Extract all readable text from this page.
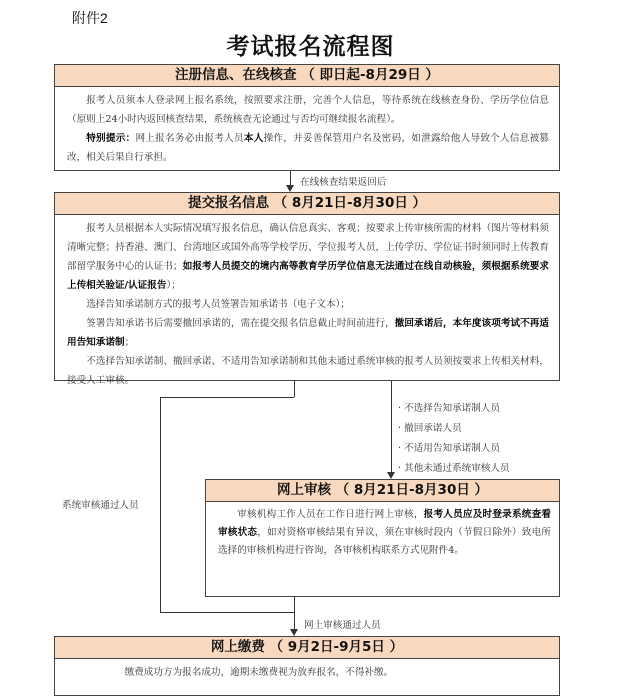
附件2
考试报名流程图
注册信息、在线核查 （ 即日起-8月29日 ）

报考人员须本人登录网上报名系统，按照要求注册，完善个人信息，等待系统在线核查身份、学历学位信息（原则上24小时内返回核查结果，系统核查无论通过与否均可继续报名流程）。

特别提示：网上报名务必由报考人员本人操作，并妥善保管用户名及密码，如泄露给他人导致个人信息被篡改，相关后果自行承担。

在线核查结果返回后
提交报名信息 （ 8月21日-8月30日 ）

报考人员根据本人实际情况填写报名信息，确认信息真实、客观；按要求上传审核所需的材料（图片等材料须清晰完整；持香港、澳门、台湾地区或国外高等学校学历、学位报考人员，上传学历、学位证书时须同时上传教育部留学服务中心的认证书；如报考人员提交的境内高等教育学历学位信息无法通过在线自动核验，须根据系统要求上传相关验证/认证报告）；

选择告知承诺制方式的报考人员签署告知承诺书（电子文本）；

签署告知承诺书后需要撤回承诺的，需在提交报名信息截止时间前进行，撤回承诺后，本年度该项考试不再适用告知承诺制；

不选择告知承诺制、撤回承诺、不适用告知承诺制和其他未通过系统审核的报考人员须按要求上传相关材料，接受人工审核。

· 不选择告知承诺制人员
· 撤回承诺人员
· 不适用告知承诺制人员
· 其他未通过系统审核人员
系统审核通过人员
网上审核 （ 8月21日-8月30日 ）

审核机构工作人员在工作日进行网上审核，报考人员应及时登录系统查看审核状态，如对资格审核结果有异议，须在审核时段内（节假日除外）致电所选择的审核机构进行咨询，各审核机构联系方式见附件4。

网上审核通过人员
网上缴费 （ 9月2日-9月5日 ）

缴费成功方为报名成功，逾期未缴费视为放弃报名，不得补缴。
